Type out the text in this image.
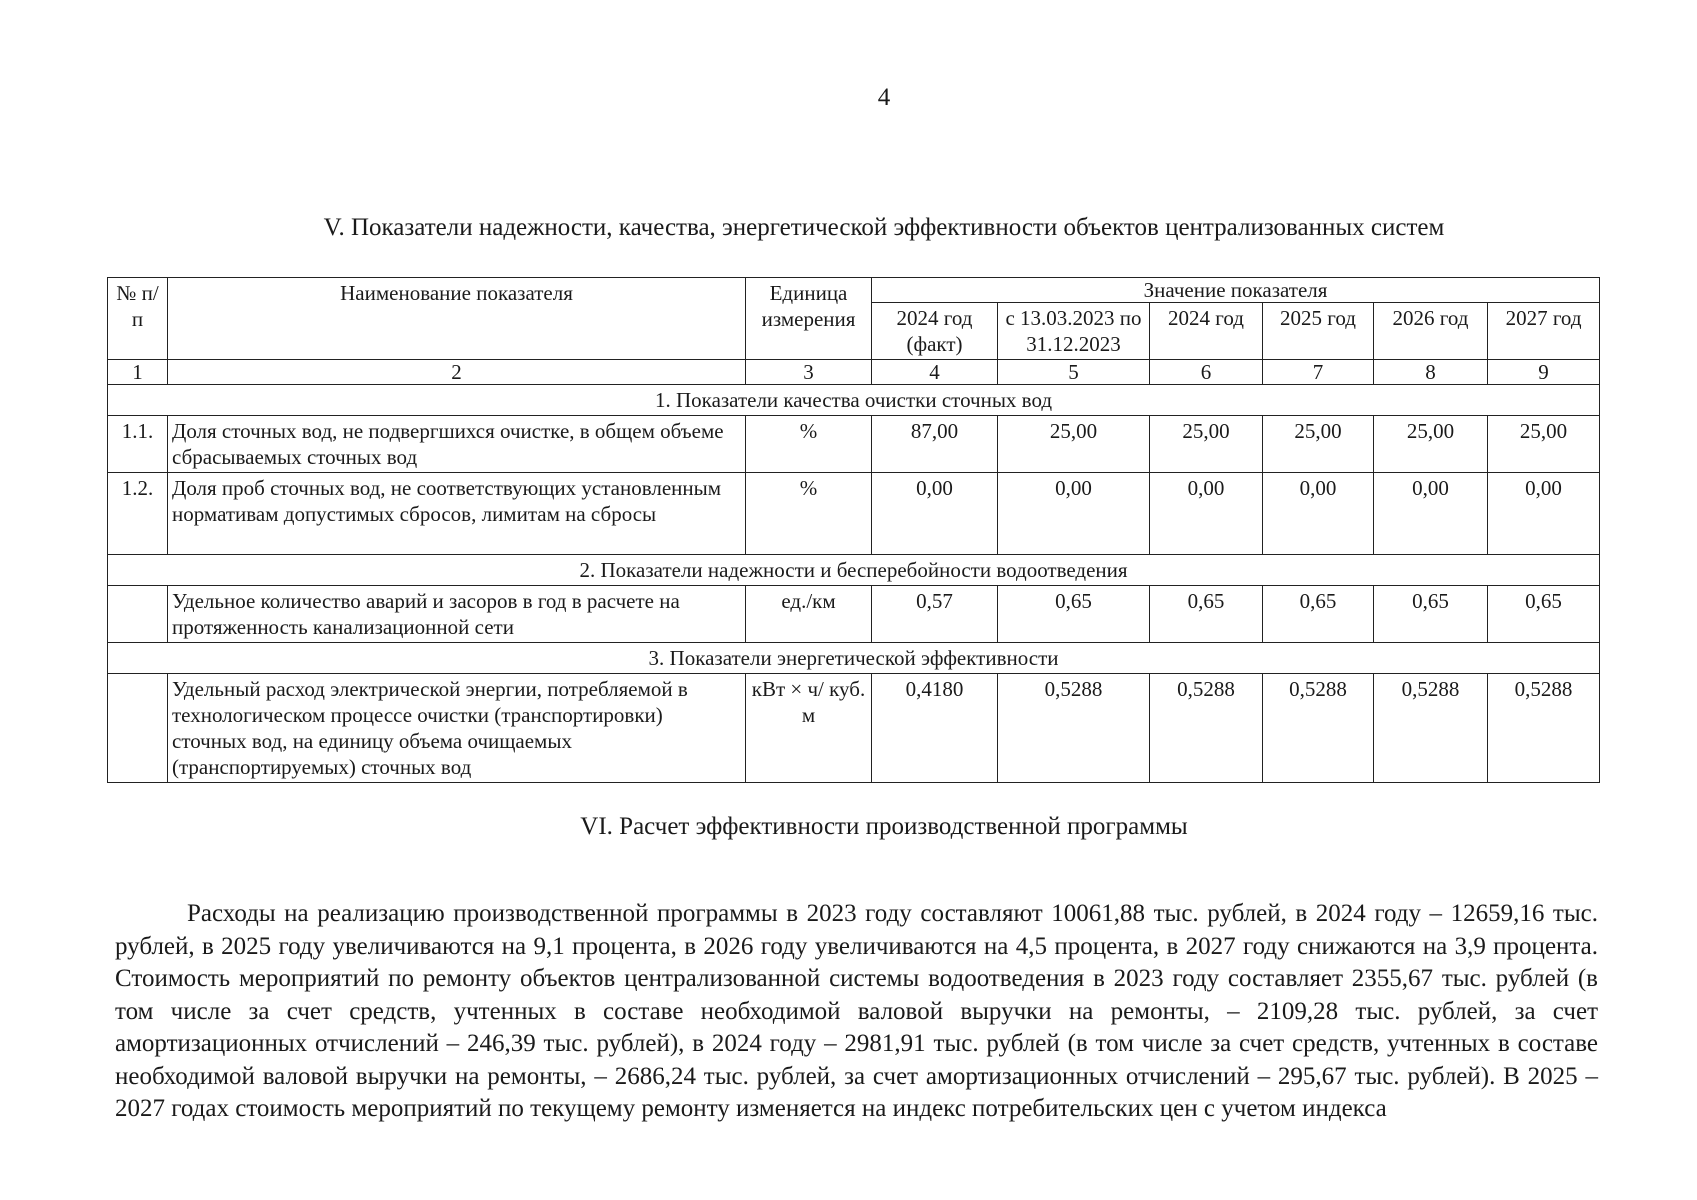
4
V. Показатели надежности, качества, энергетической эффективности объектов централизованных систем
№ п/п	Наименование показателя	Единица измерения	Значение показателя					
			2024 год (факт)	с 13.03.2023 по 31.12.2023	2024 год	2025 год	2026 год	2027 год
1	2	3	4	5	6	7	8	9
1. Показатели качества очистки сточных вод								
1.1.	Доля сточных вод, не подвергшихся очистке, в общем объеме сбрасываемых сточных вод	%	87,00	25,00	25,00	25,00	25,00	25,00
1.2.	Доля проб сточных вод, не соответствующих установленным нормативам допустимых сбросов, лимитам на сбросы	%	0,00	0,00	0,00	0,00	0,00	0,00
2. Показатели надежности и бесперебойности водоотведения								
	Удельное количество аварий и засоров в год в расчете на протяженность канализационной сети	ед./км	0,57	0,65	0,65	0,65	0,65	0,65
3. Показатели энергетической эффективности								
	Удельный расход электрической энергии, потребляемой в технологическом процессе очистки (транспортировки) сточных вод, на единицу объема очищаемых (транспортируемых) сточных вод	кВт × ч/ куб. м	0,4180	0,5288	0,5288	0,5288	0,5288	0,5288
VI. Расчет эффективности производственной программы

Расходы на реализацию производственной программы в 2023 году составляют 10061,88 тыс. рублей, в 2024 году – 12659,16 тыс. рублей, в 2025 году увеличиваются на 9,1 процента, в 2026 году увеличиваются на 4,5 процента, в 2027 году снижаются на 3,9 процента. Стоимость мероприятий по ремонту объектов централизованной системы водоотведения в 2023 году составляет 2355,67 тыс. рублей (в том числе за счет средств, учтенных в составе необходимой валовой выручки на ремонты, – 2109,28 тыс. рублей, за счет амортизационных отчислений – 246,39 тыс. рублей), в 2024 году – 2981,91 тыс. рублей (в том числе за счет средств, учтенных в составе необходимой валовой выручки на ремонты, – 2686,24 тыс. рублей, за счет амортизационных отчислений – 295,67 тыс. рублей). В 2025 – 2027 годах стоимость мероприятий по текущему ремонту изменяется на индекс потребительских цен с учетом индекса
